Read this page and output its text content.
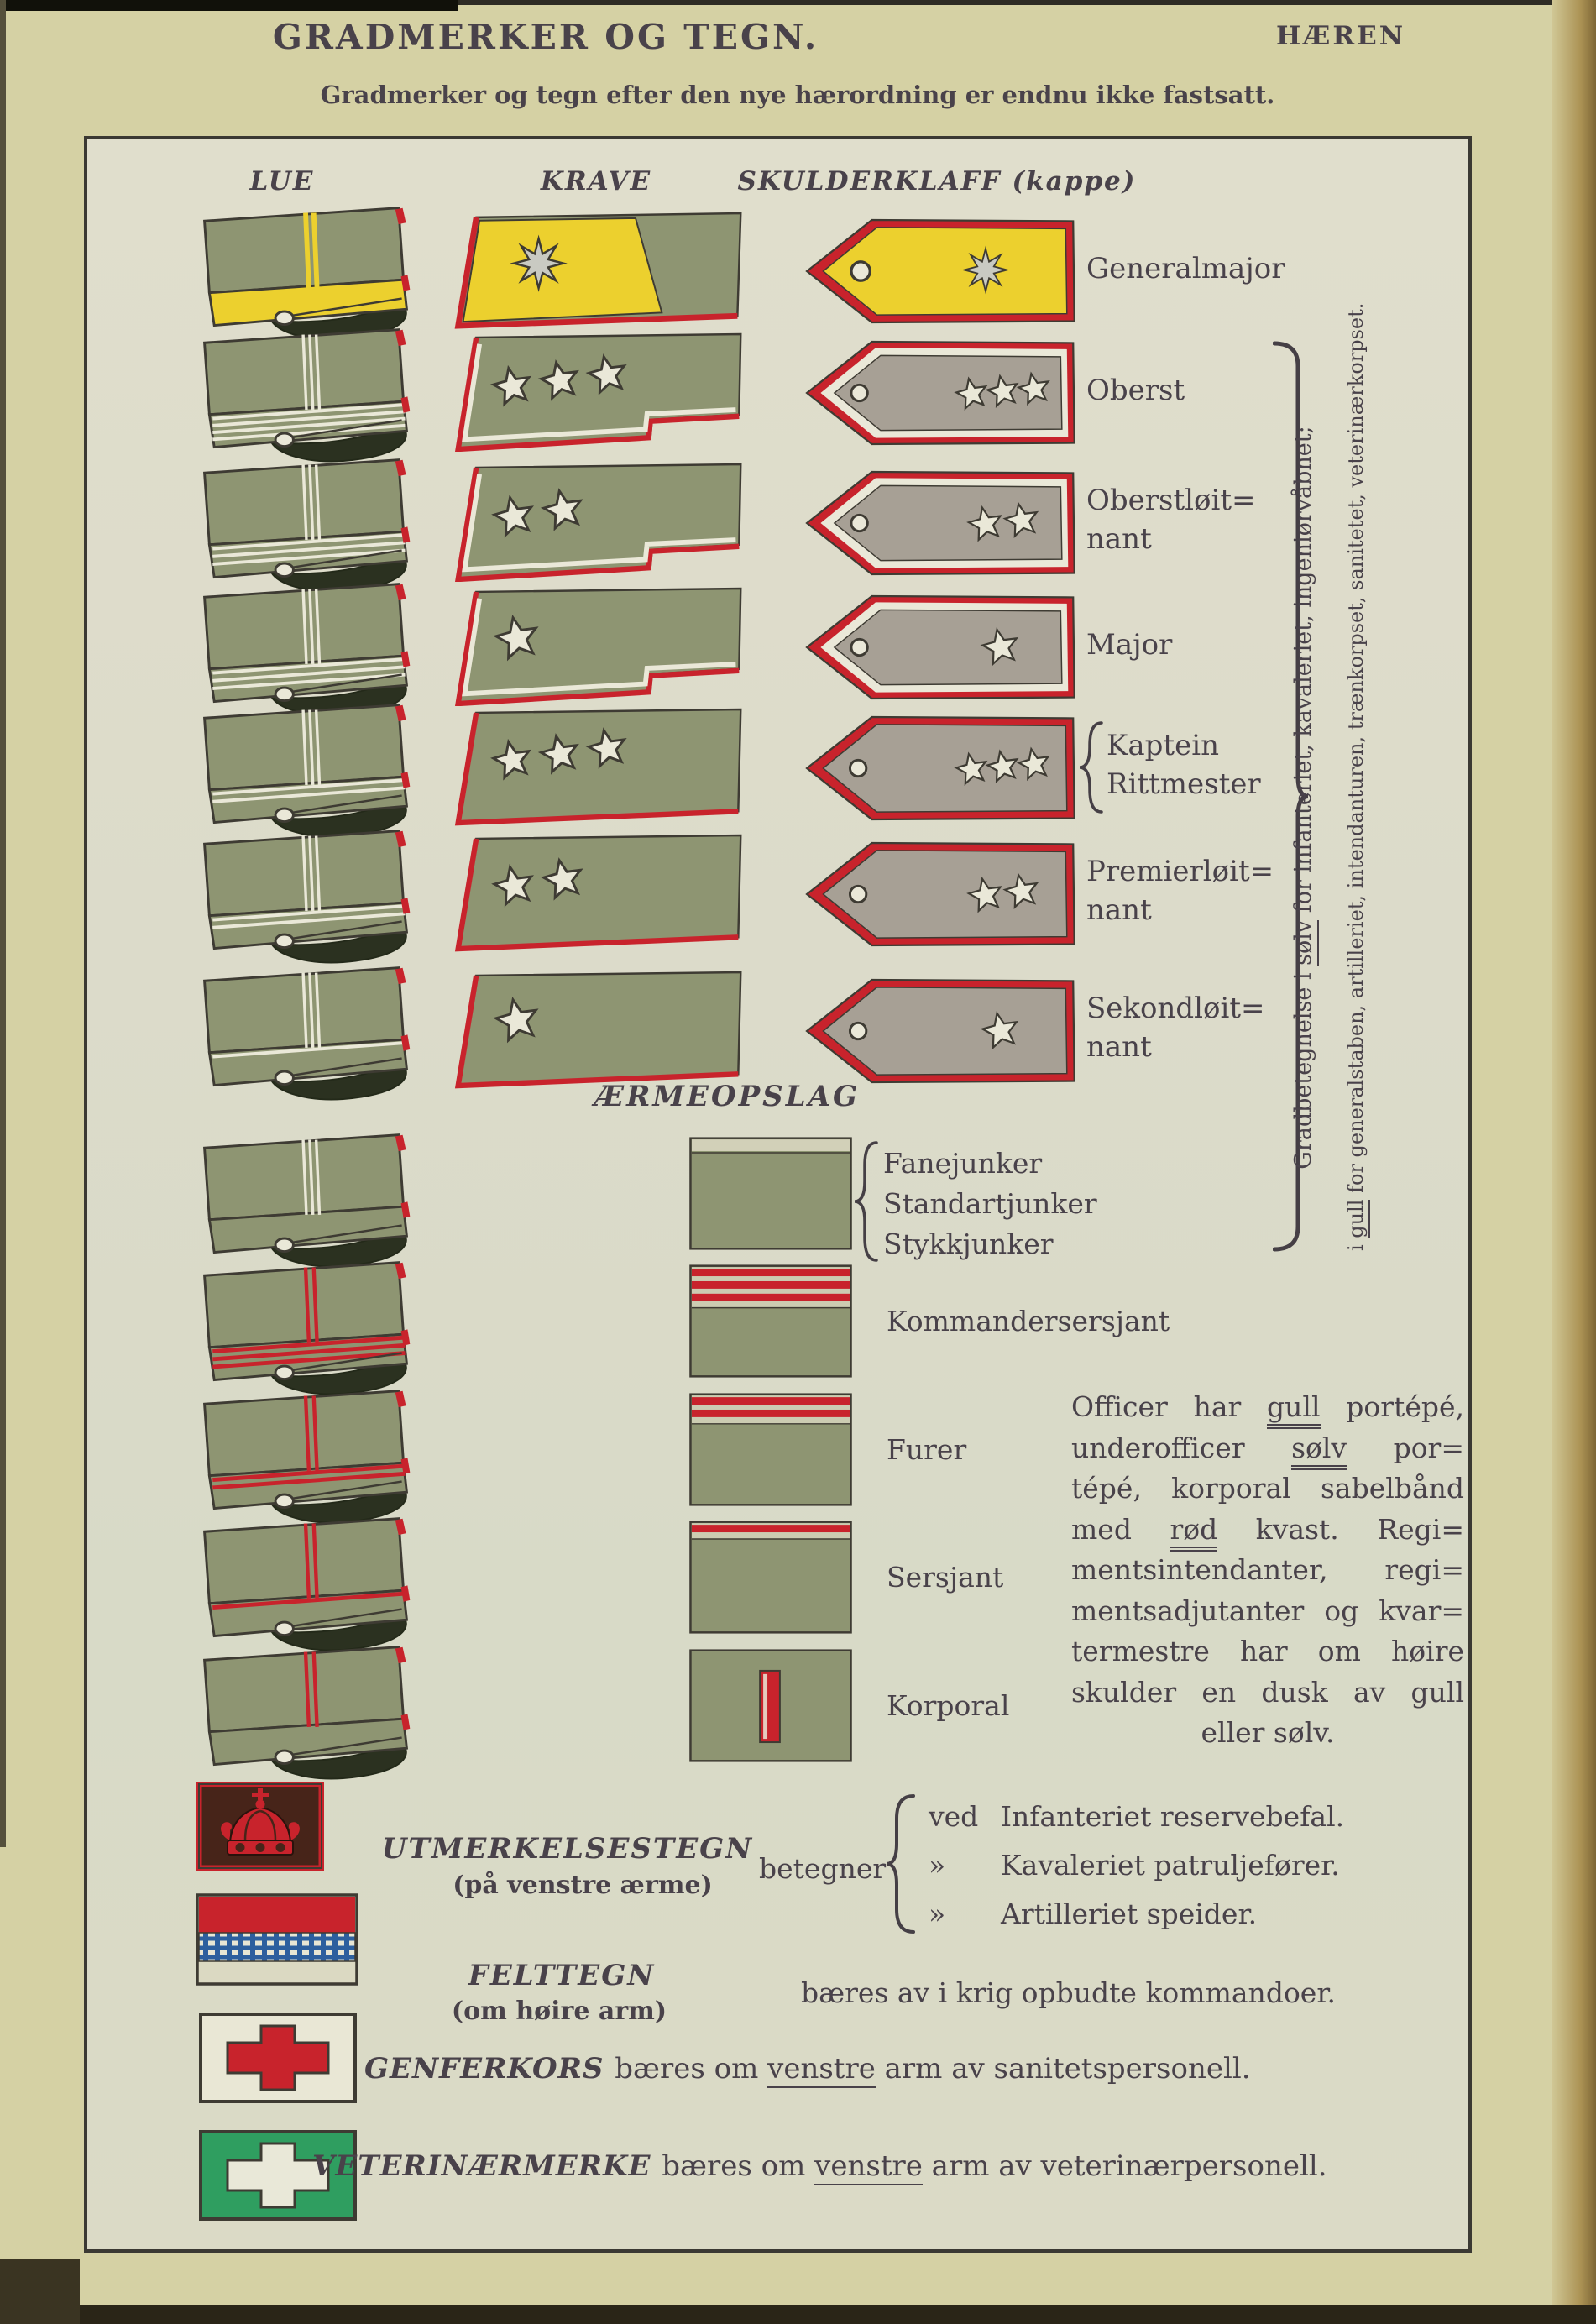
GRADMERKER OG TEGN.	HÆREN
Gradmerker og tegn efter den nye hærordning er endnu ikke fastsatt.
LUE	KRAVE	SKULDERKLAFF (kappe)
Generalmajor
Oberst
Oberstløit=
nant
Major
Kaptein
Rittmester
Premierløit=
nant
Sekondløit=
nant	Gradbetegnelse i sølv for infanteriet, kavaleriet, ingeniørvåbnet;
i gull for generalstaben, artilleriet, intendanturen, trænkorpset, sanitetet, veterinærkorpset.
ÆRMEOPSLAG
Fanejunker
Standartjunker
Stykkjunker
Kommandersersjant
Furer
Sersjant
Korporal
Officer har gull portépé,
underofficer sølv por=
tépé, korporal sabelbånd
med rød kvast. Regi=
mentsintendanter, regi=
mentsadjutanter og kvar=
termestre har om høire
skulder en dusk av gull
eller sølv.
UTMERKELSESTEGN
(på venstre ærme)
betegner
ved Infanteriet reservebefal.
» Kavaleriet patruljefører.
» Artilleriet speider.
FELTTEGN
(om høire arm)
bæres av i krig opbudte kommandoer.
GENFERKORS bæres om venstre arm av sanitetspersonell.
VETERINÆRMERKE bæres om venstre arm av veterinærpersonell.
